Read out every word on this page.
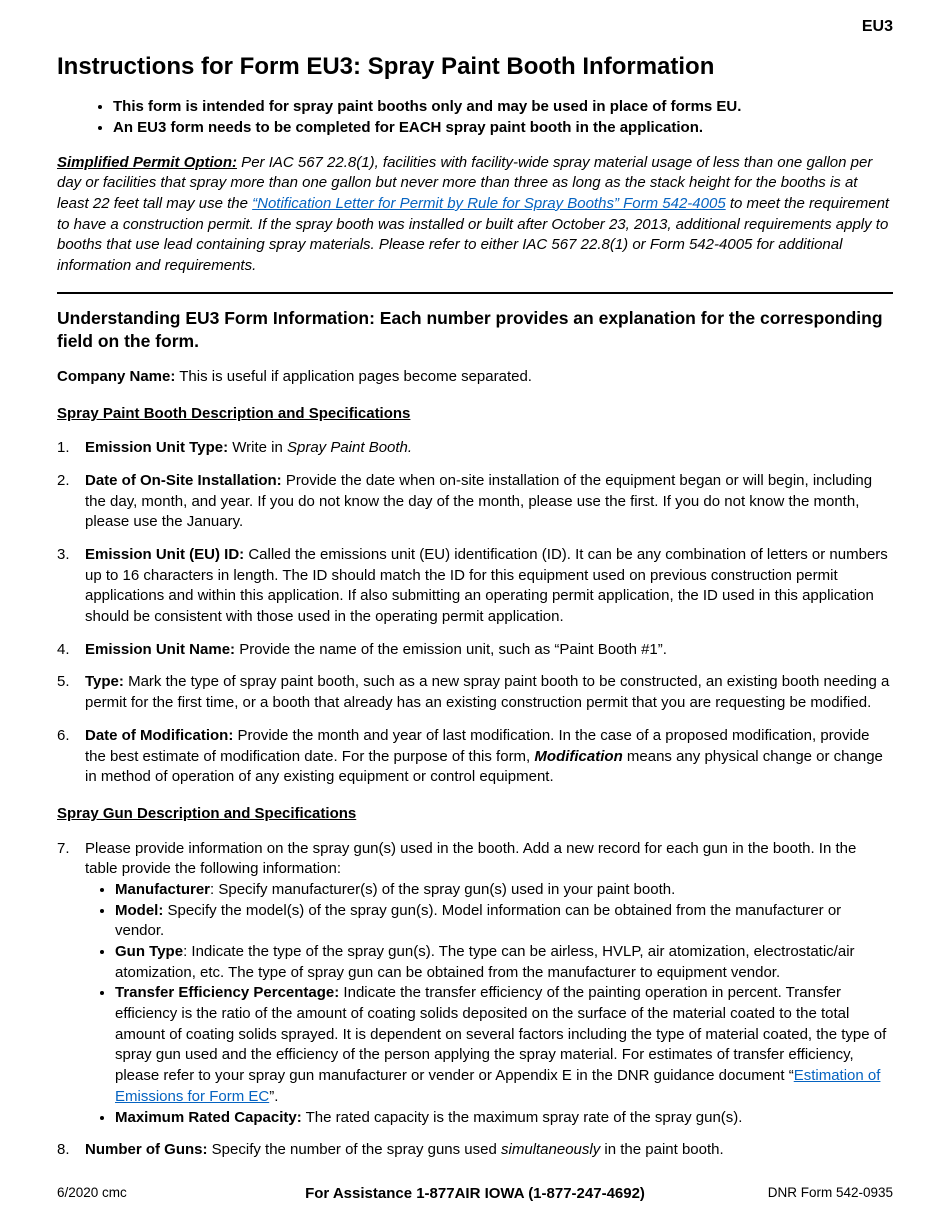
EU3
Instructions for Form EU3: Spray Paint Booth Information
• This form is intended for spray paint booths only and may be used in place of forms EU.
• An EU3 form needs to be completed for EACH spray paint booth in the application.

Simplified Permit Option: Per IAC 567 22.8(1), facilities with facility-wide spray material usage of less than one gallon per day or facilities that spray more than one gallon but never more than three as long as the stack height for the booths is at least 22 feet tall may use the “Notification Letter for Permit by Rule for Spray Booths” Form 542-4005 to meet the requirement to have a construction permit. If the spray booth was installed or built after October 23, 2013, additional requirements apply to booths that use lead containing spray materials. Please refer to either IAC 567 22.8(1) or Form 542-4005 for additional information and requirements.

Understanding EU3 Form Information: Each number provides an explanation for the corresponding field on the form.

Company Name: This is useful if application pages become separated.

Spray Paint Booth Description and Specifications
1.	Emission Unit Type: Write in Spray Paint Booth.
2.	Date of On-Site Installation: Provide the date when on-site installation of the equipment began or will begin, including the day, month, and year. If you do not know the day of the month, please use the first. If you do not know the month, please use the January.
3.	Emission Unit (EU) ID: Called the emissions unit (EU) identification (ID). It can be any combination of letters or numbers up to 16 characters in length. The ID should match the ID for this equipment used on previous construction permit applications and within this application. If also submitting an operating permit application, the ID used in this application should be consistent with those used in the operating permit application.
4.	Emission Unit Name: Provide the name of the emission unit, such as “Paint Booth #1”.
5.	Type: Mark the type of spray paint booth, such as a new spray paint booth to be constructed, an existing booth needing a permit for the first time, or a booth that already has an existing construction permit that you are requesting be modified.
6.	Date of Modification: Provide the month and year of last modification. In the case of a proposed modification, provide the best estimate of modification date. For the purpose of this form, Modification means any physical change or change in method of operation of any existing equipment or control equipment.
Spray Gun Description and Specifications
7.	Please provide information on the spray gun(s) used in the booth. Add a new record for each gun in the booth. In the table provide the following information:
• Manufacturer: Specify manufacturer(s) of the spray gun(s) used in your paint booth.
• Model: Specify the model(s) of the spray gun(s). Model information can be obtained from the manufacturer or vendor.
• Gun Type: Indicate the type of the spray gun(s). The type can be airless, HVLP, air atomization, electrostatic/air atomization, etc. The type of spray gun can be obtained from the manufacturer to equipment vendor.
• Transfer Efficiency Percentage: Indicate the transfer efficiency of the painting operation in percent. Transfer efficiency is the ratio of the amount of coating solids deposited on the surface of the material coated to the total amount of coating solids sprayed. It is dependent on several factors including the type of material coated, the type of spray gun used and the efficiency of the person applying the spray material. For estimates of transfer efficiency, please refer to your spray gun manufacturer or vender or Appendix E in the DNR guidance document “Estimation of Emissions for Form EC”.
• Maximum Rated Capacity: The rated capacity is the maximum spray rate of the spray gun(s).
8.	Number of Guns: Specify the number of the spray guns used simultaneously in the paint booth.
6/2020 cmc	For Assistance 1-877AIR IOWA (1-877-247-4692)	DNR Form 542-0935
